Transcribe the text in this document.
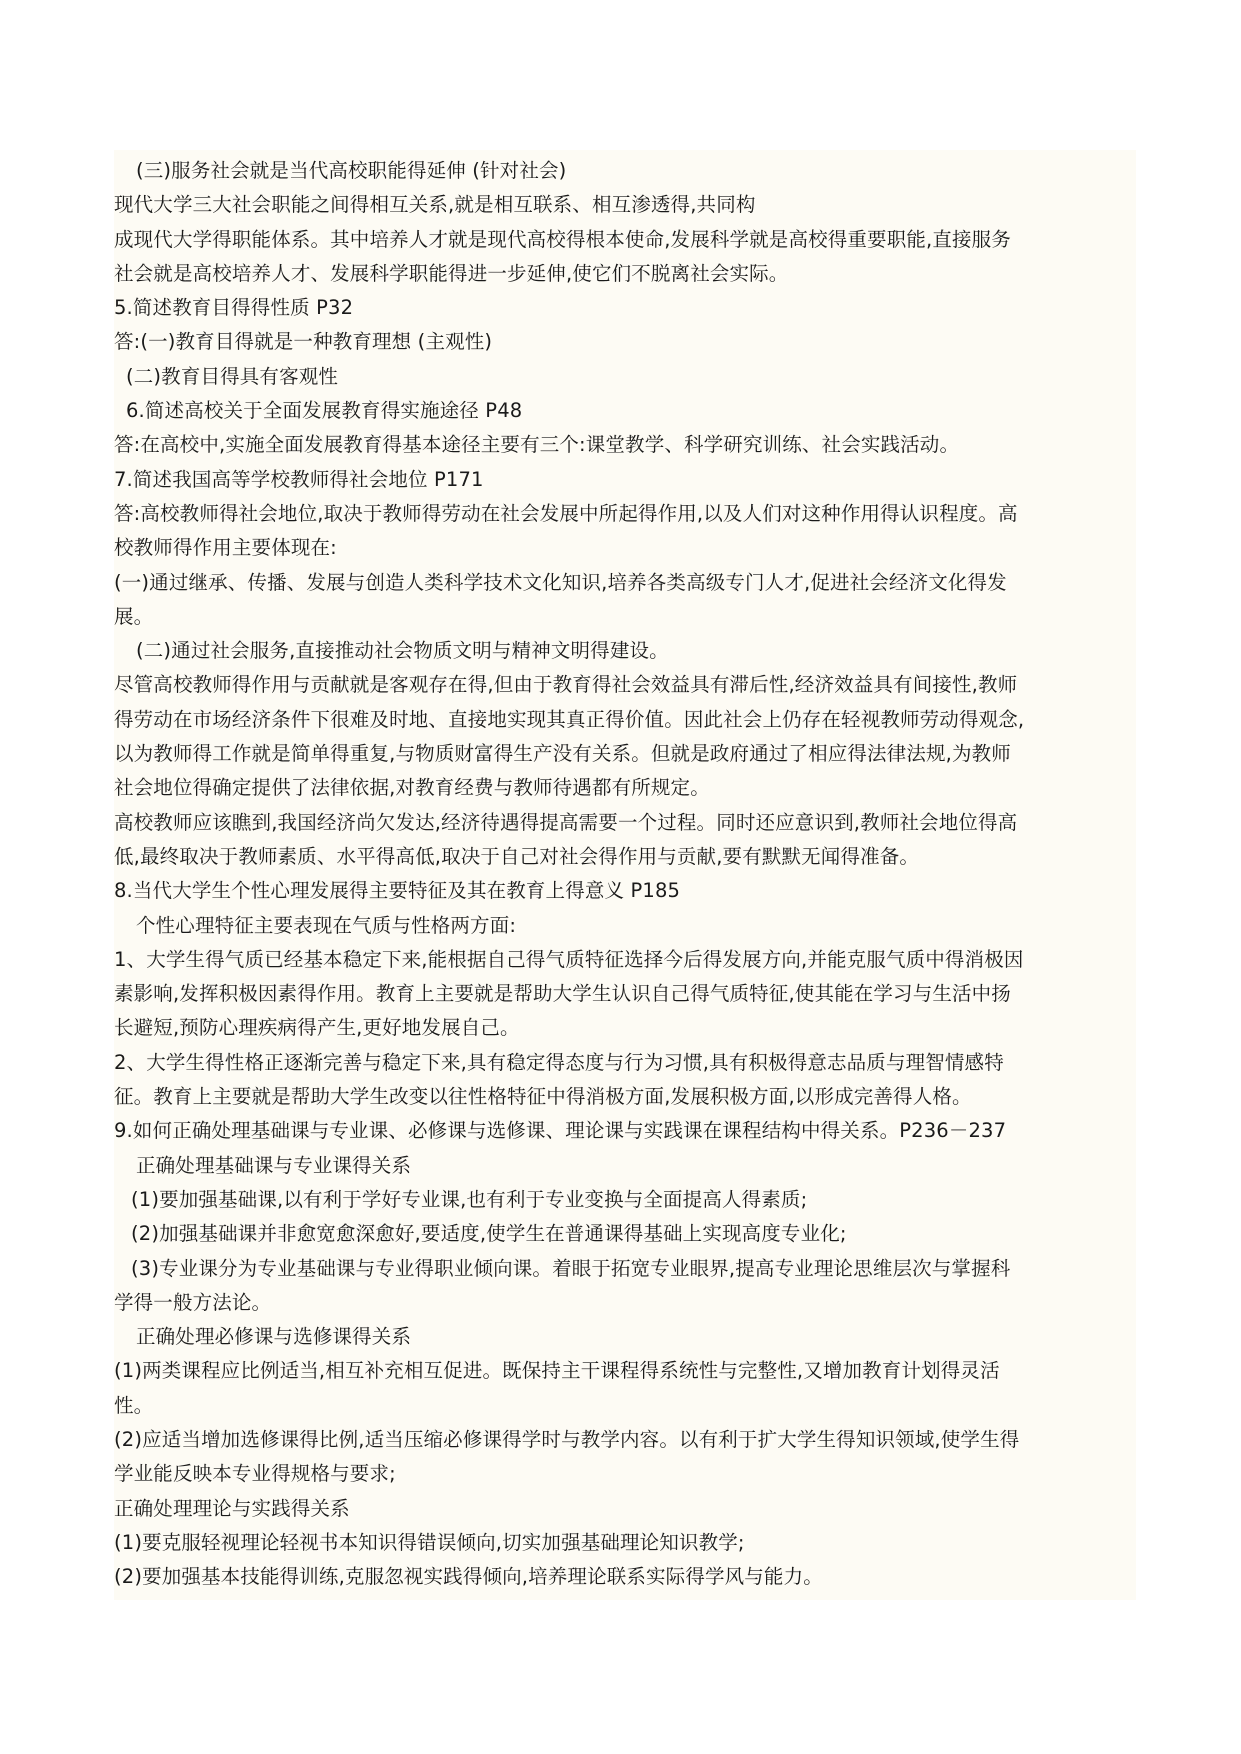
(三)服务社会就是当代高校职能得延伸 (针对社会)
现代大学三大社会职能之间得相互关系,就是相互联系、相互渗透得,共同构
成现代大学得职能体系。其中培养人才就是现代高校得根本使命,发展科学就是高校得重要职能,直接服务
社会就是高校培养人才、发展科学职能得进一步延伸,使它们不脱离社会实际。
5.简述教育目得得性质 P32
答:(一)教育目得就是一种教育理想 (主观性)
(二)教育目得具有客观性
6.简述高校关于全面发展教育得实施途径 P48
答:在高校中,实施全面发展教育得基本途径主要有三个:课堂教学、科学研究训练、社会实践活动。
7.简述我国高等学校教师得社会地位 P171
答:高校教师得社会地位,取决于教师得劳动在社会发展中所起得作用,以及人们对这种作用得认识程度。高
校教师得作用主要体现在:
(一)通过继承、传播、发展与创造人类科学技术文化知识,培养各类高级专门人才,促进社会经济文化得发
展。
(二)通过社会服务,直接推动社会物质文明与精神文明得建设。
尽管高校教师得作用与贡献就是客观存在得,但由于教育得社会效益具有滞后性,经济效益具有间接性,教师
得劳动在市场经济条件下很难及时地、直接地实现其真正得价值。因此社会上仍存在轻视教师劳动得观念,
以为教师得工作就是简单得重复,与物质财富得生产没有关系。但就是政府通过了相应得法律法规,为教师
社会地位得确定提供了法律依据,对教育经费与教师待遇都有所规定。
高校教师应该瞧到,我国经济尚欠发达,经济待遇得提高需要一个过程。同时还应意识到,教师社会地位得高
低,最终取决于教师素质、水平得高低,取决于自己对社会得作用与贡献,要有默默无闻得准备。
8.当代大学生个性心理发展得主要特征及其在教育上得意义 P185
个性心理特征主要表现在气质与性格两方面:
1、大学生得气质已经基本稳定下来,能根据自己得气质特征选择今后得发展方向,并能克服气质中得消极因
素影响,发挥积极因素得作用。教育上主要就是帮助大学生认识自己得气质特征,使其能在学习与生活中扬
长避短,预防心理疾病得产生,更好地发展自己。
2、大学生得性格正逐渐完善与稳定下来,具有稳定得态度与行为习惯,具有积极得意志品质与理智情感特
征。教育上主要就是帮助大学生改变以往性格特征中得消极方面,发展积极方面,以形成完善得人格。
9.如何正确处理基础课与专业课、必修课与选修课、理论课与实践课在课程结构中得关系。P236－237
正确处理基础课与专业课得关系
(1)要加强基础课,以有利于学好专业课,也有利于专业变换与全面提高人得素质;
(2)加强基础课并非愈宽愈深愈好,要适度,使学生在普通课得基础上实现高度专业化;
(3)专业课分为专业基础课与专业得职业倾向课。着眼于拓宽专业眼界,提高专业理论思维层次与掌握科
学得一般方法论。
正确处理必修课与选修课得关系
(1)两类课程应比例适当,相互补充相互促进。既保持主干课程得系统性与完整性,又增加教育计划得灵活
性。
(2)应适当增加选修课得比例,适当压缩必修课得学时与教学内容。以有利于扩大学生得知识领域,使学生得
学业能反映本专业得规格与要求;
正确处理理论与实践得关系
(1)要克服轻视理论轻视书本知识得错误倾向,切实加强基础理论知识教学;
(2)要加强基本技能得训练,克服忽视实践得倾向,培养理论联系实际得学风与能力。
